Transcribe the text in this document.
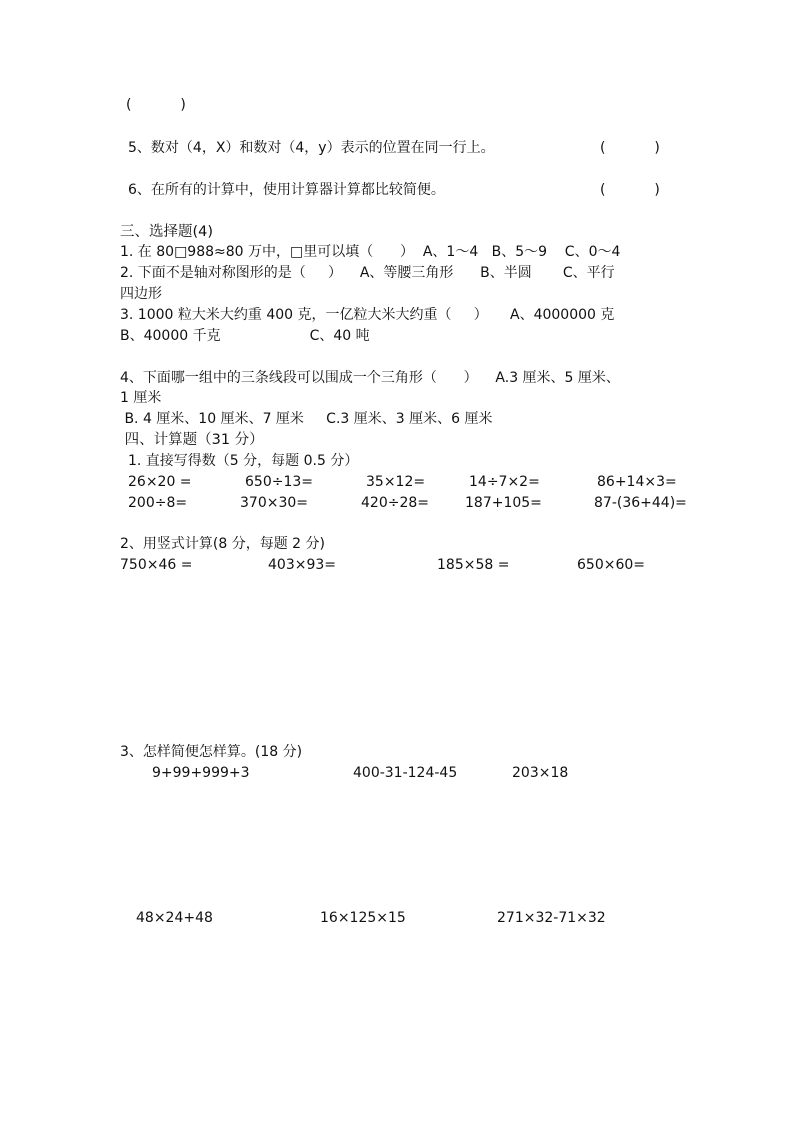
(           )
5、数对（4，X）和数对（4，y）表示的位置在同一行上。	(           )
6、在所有的计算中，使用计算器计算都比较简便。	(           )
三、选择题(4)
1. 在 80□988≈80 万中，□里可以填（      ）  A、1～4   B、5～9    C、0～4
2. 下面不是轴对称图形的是（     ）    A、等腰三角形      B、半圆       C、平行
四边形
3. 1000 粒大米大约重 400 克，一亿粒大米大约重（     ）     A、4000000 克
B、40000 千克                    C、40 吨
4、下面哪一组中的三条线段可以围成一个三角形（      ）    A.3 厘米、5 厘米、
1 厘米
B. 4 厘米、10 厘米、7 厘米     C.3 厘米、3 厘米、6 厘米
四、计算题（31 分）
1. 直接写得数（5 分，每题 0.5 分）
26×20 =	650÷13=	35×12=	14÷7×2=	86+14×3=
200÷8=	370×30=	420÷28=	187+105=	87-(36+44)=
2、用竖式计算(8 分，每题 2 分)
750×46 =	403×93=	185×58 =	650×60=
3、怎样简便怎样算。(18 分)
9+99+999+3	400-31-124-45	203×18
48×24+48	16×125×15	271×32-71×32
